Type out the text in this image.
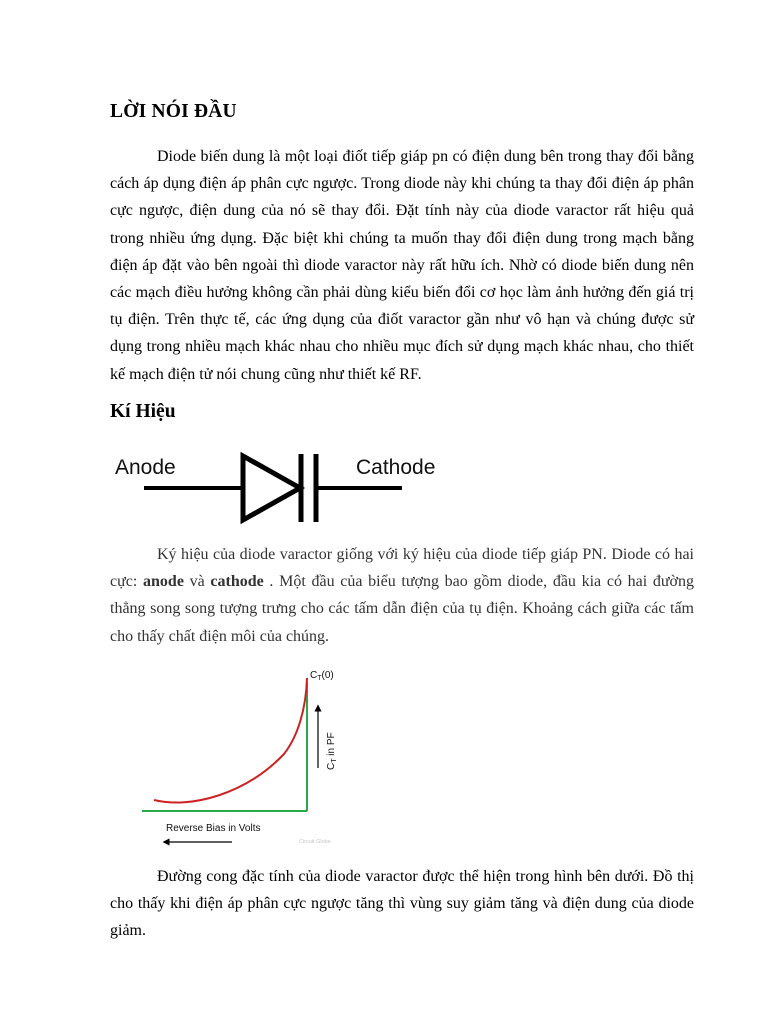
LỜI NÓI ĐẦU

Diode biến dung là một loại điốt tiếp giáp pn có điện dung bên trong thay đổi bằng cách áp dụng điện áp phân cực ngược. Trong diode này khi chúng ta thay đổi điện áp phân cực ngược, điện dung của nó sẽ thay đổi. Đặt tính này của diode varactor rất hiệu quả trong nhiều ứng dụng. Đặc biệt khi chúng ta muốn thay đổi điện dung trong mạch bằng điện áp đặt vào bên ngoài thì diode varactor này rất hữu ích. Nhờ có diode biến dung nên các mạch điều hưởng không cần phải dùng kiểu biến đổi cơ học làm ảnh hưởng đến giá trị tụ điện. Trên thực tế, các ứng dụng của điốt varactor gần như vô hạn và chúng được sử dụng trong nhiều mạch khác nhau cho nhiều mục đích sử dụng mạch khác nhau, cho thiết kế mạch điện tử nói chung cũng như thiết kế RF.

Kí Hiệu
Anode	Cathode

Ký hiệu của diode varactor giống với ký hiệu của diode tiếp giáp PN. Diode có hai cực: anode và cathode . Một đầu của biểu tượng bao gồm diode, đầu kia có hai đường thẳng song song tượng trưng cho các tấm dẫn điện của tụ điện. Khoảng cách giữa các tấm cho thấy chất điện môi của chúng.

$C_T(0)$
$C_T$ in PF
Reverse Bias in Volts
Circuit Globe

Đường cong đặc tính của diode varactor được thể hiện trong hình bên dưới. Đồ thị cho thấy khi điện áp phân cực ngược tăng thì vùng suy giảm tăng và điện dung của diode giảm.
